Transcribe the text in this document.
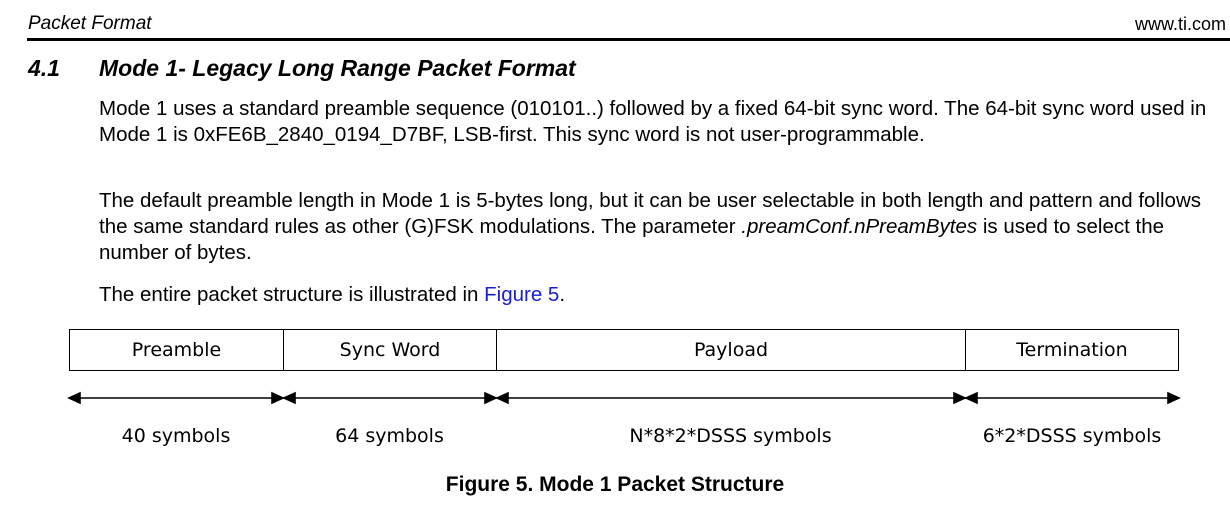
Packet Format	www.ti.com
4.1 Mode 1- Legacy Long Range Packet Format

Mode 1 uses a standard preamble sequence (010101..) followed by a fixed 64-bit sync word. The 64-bit sync word used in Mode 1 is 0xFE6B_2840_0194_D7BF, LSB-first. This sync word is not user-programmable.

The default preamble length in Mode 1 is 5-bytes long, but it can be user selectable in both length and pattern and follows the same standard rules as other (G)FSK modulations. The parameter .preamConf.nPreamBytes is used to select the number of bytes.

The entire packet structure is illustrated in Figure 5.

Preamble	Sync Word	Payload	Termination
40 symbols	64 symbols	N*8*2*DSSS symbols	6*2*DSSS symbols
Figure 5. Mode 1 Packet Structure
